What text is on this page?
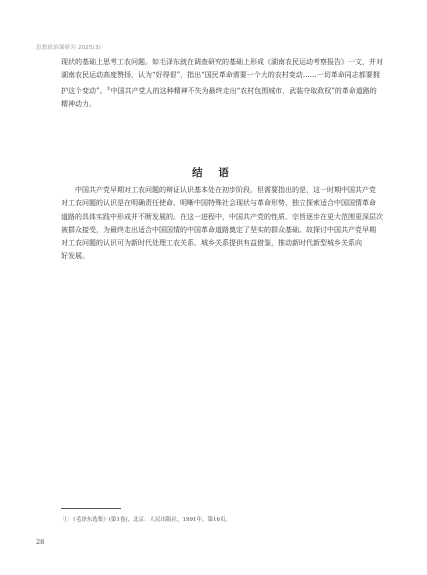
思想政治课研究·2025(3)
现状的基础上思考工农问题。如毛泽东就在调查研究的基础上形成《湖南农民运动考察报告》一文，并对
湖南农民运动高度赞扬，认为“好得很”，指出“国民革命需要一个大的农村变动……一切革命同志都要拥
护这个变动”。①中国共产党人的这种精神不失为最终走出“农村包围城市，武装夺取政权”的革命道路的
精神动力。
结 语
中国共产党早期对工农问题的辩证认识基本处在初步阶段。但需要指出的是，这一时期中国共产党
对工农问题的认识是在明确责任使命、明晰中国特殊社会现状与革命形势、独立探索适合中国国情革命
道路的具体实践中形成并不断发展的。在这一进程中，中国共产党的性质、宗旨逐步在更大范围更深层次
被群众接受，为最终走出适合中国国情的中国革命道路奠定了坚实的群众基础。故探讨中国共产党早期
对工农问题的认识可为新时代处理工农关系、城乡关系提供有益借鉴，推动新时代新型城乡关系向
好发展。
① 《毛泽东选集》(第1卷)，北京：人民出版社，1991年，第16页。
28
